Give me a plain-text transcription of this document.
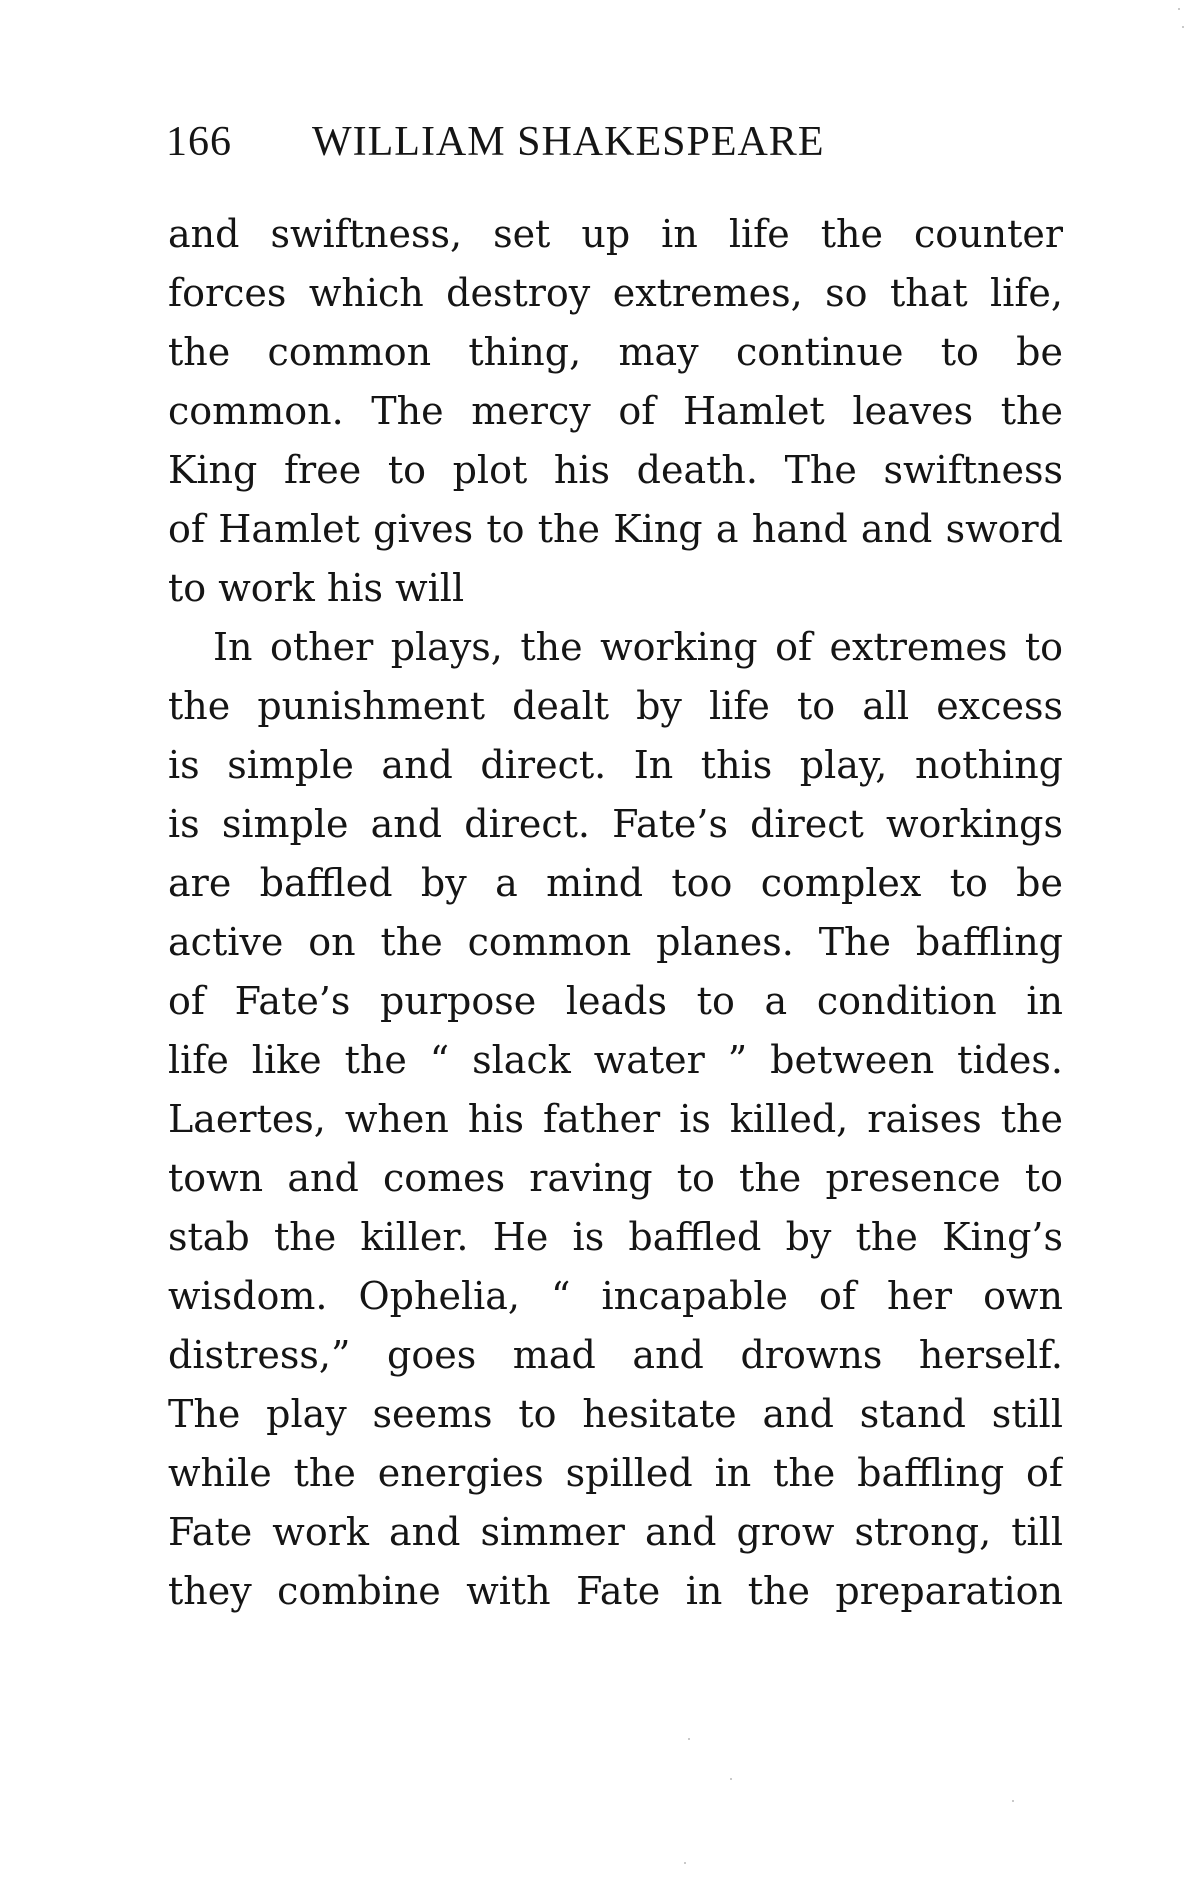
166 WILLIAM SHAKESPEARE
and swiftness, set up in life the counter
forces which destroy extremes, so that life,
the common thing, may continue to be
common. The mercy of Hamlet leaves the
King free to plot his death. The swiftness
of Hamlet gives to the King a hand and sword
to work his will
In other plays, the working of extremes to
the punishment dealt by life to all excess
is simple and direct. In this play, nothing
is simple and direct. Fate’s direct workings
are baffled by a mind too complex to be
active on the common planes. The baffling
of Fate’s purpose leads to a condition in
life like the “ slack water ” between tides.
Laertes, when his father is killed, raises the
town and comes raving to the presence to
stab the killer. He is baffled by the King’s
wisdom. Ophelia, “ incapable of her own
distress,” goes mad and drowns herself.
The play seems to hesitate and stand still
while the energies spilled in the baffling of
Fate work and simmer and grow strong, till
they combine with Fate in the preparation
